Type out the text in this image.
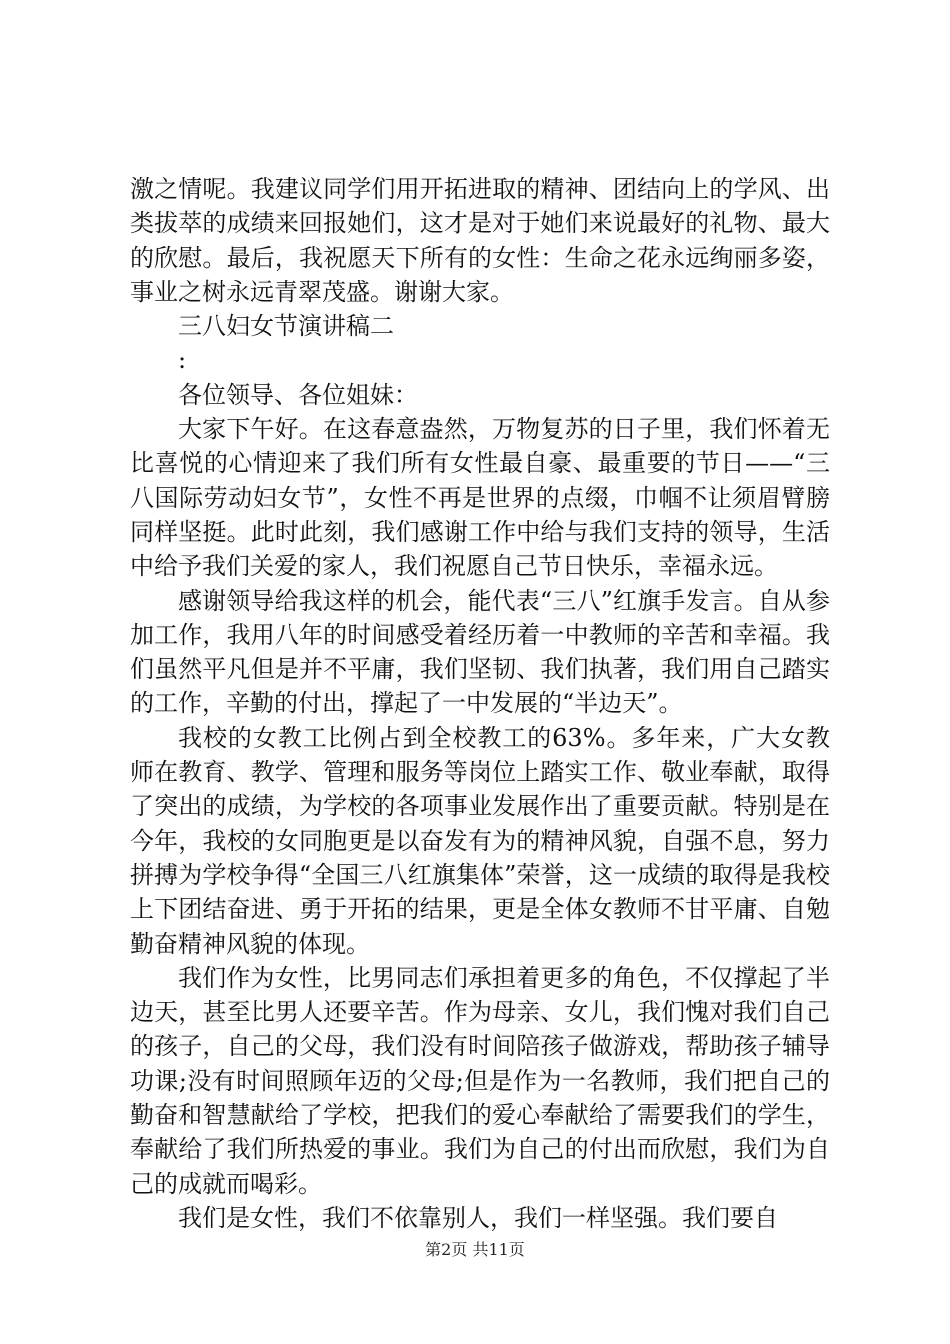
激之情呢。我建议同学们用开拓进取的精神、团结向上的学风、出类拔萃的成绩来回报她们，这才是对于她们来说最好的礼物、最大的欣慰。最后，我祝愿天下所有的女性：生命之花永远绚丽多姿，事业之树永远青翠茂盛。谢谢大家。

三八妇女节演讲稿二

:

各位领导、各位姐妹：

大家下午好。在这春意盎然，万物复苏的日子里，我们怀着无比喜悦的心情迎来了我们所有女性最自豪、最重要的节日——“三八国际劳动妇女节”，女性不再是世界的点缀，巾帼不让须眉臂膀同样坚挺。此时此刻，我们感谢工作中给与我们支持的领导，生活中给予我们关爱的家人，我们祝愿自己节日快乐，幸福永远。

感谢领导给我这样的机会，能代表“三八”红旗手发言。自从参加工作，我用八年的时间感受着经历着一中教师的辛苦和幸福。我们虽然平凡但是并不平庸，我们坚韧、我们执著，我们用自己踏实的工作，辛勤的付出，撑起了一中发展的“半边天”。

我校的女教工比例占到全校教工的63%。多年来，广大女教师在教育、教学、管理和服务等岗位上踏实工作、敬业奉献，取得了突出的成绩，为学校的各项事业发展作出了重要贡献。特别是在今年，我校的女同胞更是以奋发有为的精神风貌，自强不息，努力拼搏为学校争得“全国三八红旗集体”荣誉，这一成绩的取得是我校上下团结奋进、勇于开拓的结果，更是全体女教师不甘平庸、自勉勤奋精神风貌的体现。

我们作为女性，比男同志们承担着更多的角色，不仅撑起了半边天，甚至比男人还要辛苦。作为母亲、女儿，我们愧对我们自己的孩子，自己的父母，我们没有时间陪孩子做游戏，帮助孩子辅导功课;没有时间照顾年迈的父母;但是作为一名教师，我们把自己的勤奋和智慧献给了学校，把我们的爱心奉献给了需要我们的学生，奉献给了我们所热爱的事业。我们为自己的付出而欣慰，我们为自己的成就而喝彩。

我们是女性，我们不依靠别人，我们一样坚强。我们要自

第2页 共11页
